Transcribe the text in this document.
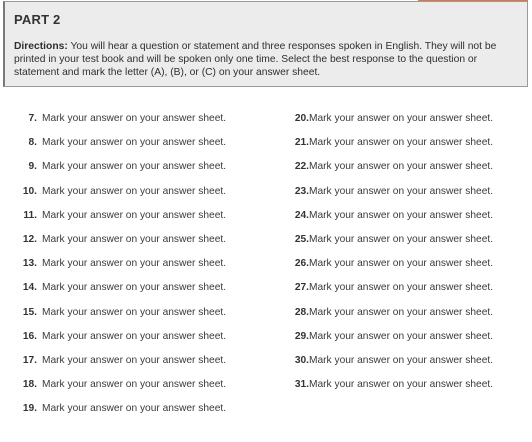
PART 2
Directions: You will hear a question or statement and three responses spoken in English. They will not be printed in your test book and will be spoken only one time. Select the best response to the question or statement and mark the letter (A), (B), or (C) on your answer sheet.
7. Mark your answer on your answer sheet.
8. Mark your answer on your answer sheet.
9. Mark your answer on your answer sheet.
10. Mark your answer on your answer sheet.
11. Mark your answer on your answer sheet.
12. Mark your answer on your answer sheet.
13. Mark your answer on your answer sheet.
14. Mark your answer on your answer sheet.
15. Mark your answer on your answer sheet.
16. Mark your answer on your answer sheet.
17. Mark your answer on your answer sheet.
18. Mark your answer on your answer sheet.
19. Mark your answer on your answer sheet.
20. Mark your answer on your answer sheet.
21. Mark your answer on your answer sheet.
22. Mark your answer on your answer sheet.
23. Mark your answer on your answer sheet.
24. Mark your answer on your answer sheet.
25. Mark your answer on your answer sheet.
26. Mark your answer on your answer sheet.
27. Mark your answer on your answer sheet.
28. Mark your answer on your answer sheet.
29. Mark your answer on your answer sheet.
30. Mark your answer on your answer sheet.
31. Mark your answer on your answer sheet.
